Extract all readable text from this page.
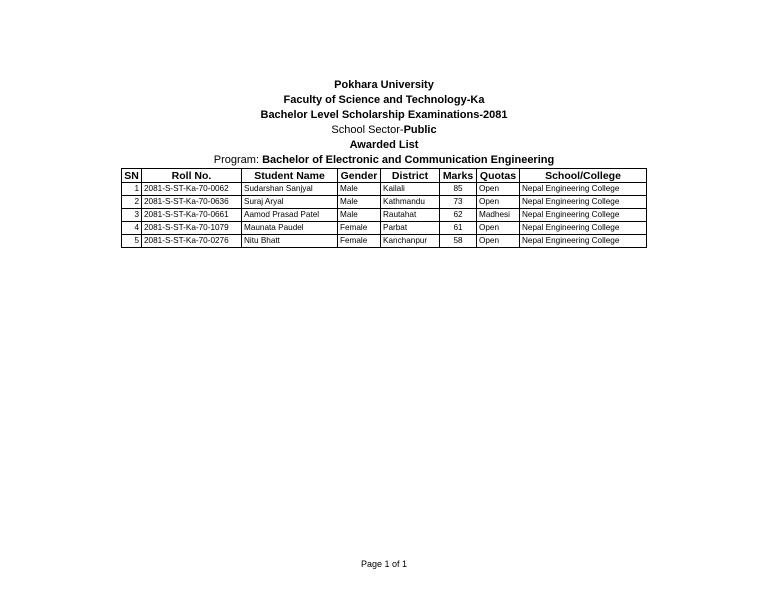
Pokhara University
Faculty of Science and Technology-Ka
Bachelor Level Scholarship Examinations-2081
School Sector-Public
Awarded List
Program: Bachelor of Electronic and Communication Engineering
SN	Roll No.	Student Name	Gender	District	Marks	Quotas	School/College
1	2081-S-ST-Ka-70-0062	Sudarshan Sanjyal	Male	Kailali	85	Open	Nepal Engineering College
2	2081-S-ST-Ka-70-0636	Suraj Aryal	Male	Kathmandu	73	Open	Nepal Engineering College
3	2081-S-ST-Ka-70-0661	Aamod Prasad Patel	Male	Rautahat	62	Madhesi	Nepal Engineering College
4	2081-S-ST-Ka-70-1079	Maunata Paudel	Female	Parbat	61	Open	Nepal Engineering College
5	2081-S-ST-Ka-70-0276	Nitu Bhatt	Female	Kanchanpur	58	Open	Nepal Engineering College
Page 1 of 1
